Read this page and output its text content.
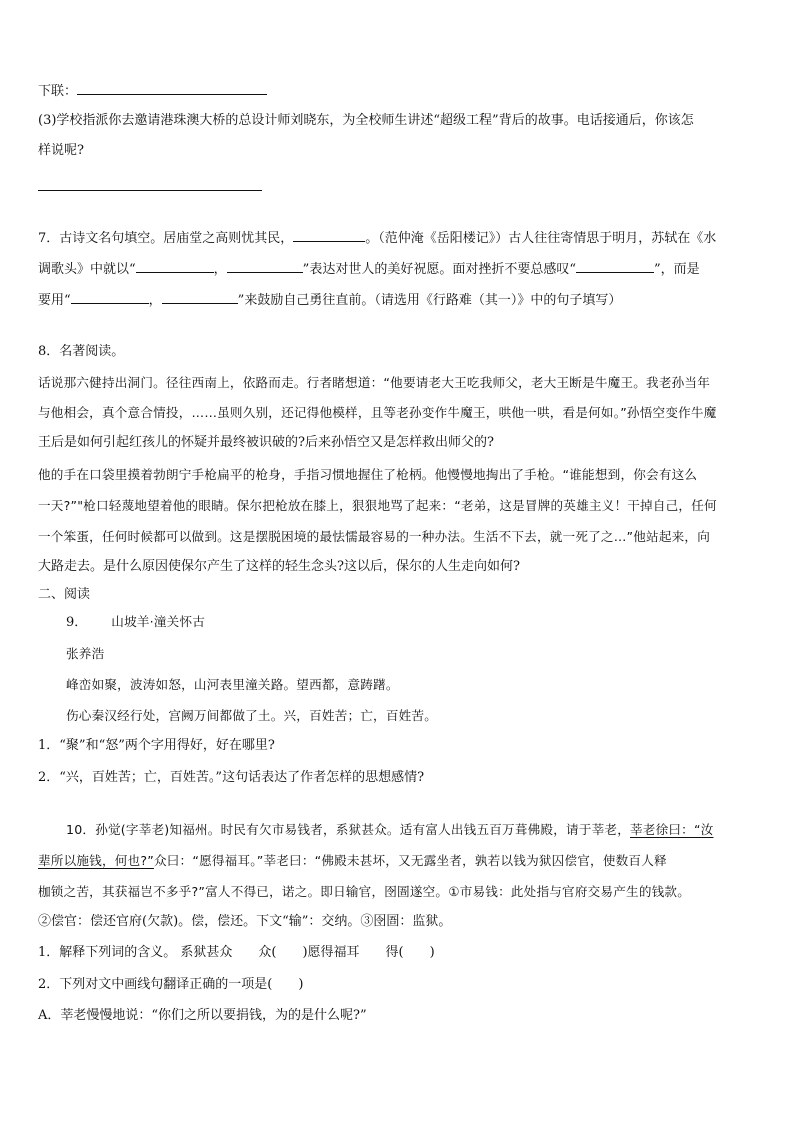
下联：
(3)学校指派你去邀请港珠澳大桥的总设计师刘晓东，为全校师生讲述“超级工程”背后的故事。电话接通后，你该怎
样说呢?
7．古诗文名句填空。居庙堂之高则忧其民，	。（范仲淹《岳阳楼记》）古人往往寄情思于明月，苏轼在《水
调歌头》中就以“	，	”表达对世人的美好祝愿。面对挫折不要总感叹“	”，而是
要用“	，	”来鼓励自己勇往直前。（请选用《行路难（其一）》中的句子填写）
8．名著阅读。
话说那六健持出洞门。径往西南上，依路而走。行者睹想道：“他要请老大王吃我师父，老大王断是牛魔王。我老孙当年
与他相会，真个意合情投，……虽则久别，还记得他模样，且等老孙变作牛魔王，哄他一哄，看是何如。”孙悟空变作牛魔
王后是如何引起红孩儿的怀疑并最终被识破的?后来孙悟空又是怎样救出师父的?
他的手在口袋里摸着勃朗宁手枪扁平的枪身，手指习惯地握住了枪柄。他慢慢地掏出了手枪。“谁能想到，你会有这么
一天?”"枪口轻蔑地望着他的眼睛。保尔把枪放在膝上，狠狠地骂了起来：“老弟，这是冒牌的英雄主义！干掉自己，任何
一个笨蛋，任何时候都可以做到。这是摆脱困境的最怯懦最容易的一种办法。生活不下去，就一死了之…”他站起来，向
大路走去。是什么原因使保尔产生了这样的轻生念头?这以后，保尔的人生走向如何?
二、阅读
9． 山坡羊·潼关怀古
张养浩
峰峦如聚，波涛如怒，山河表里潼关路。望西都，意踌躇。
伤心秦汉经行处，宫阙万间都做了土。兴，百姓苦；亡，百姓苦。
1．“聚”和“怒”两个字用得好，好在哪里?
2．“兴，百姓苦；亡，百姓苦。”这句话表达了作者怎样的思想感情?
10．孙觉(字莘老)知福州。时民有欠市易钱者，系狱甚众。适有富人出钱五百万葺佛殿，请于莘老，莘老徐曰：“汝
辈所以施钱，何也?”众曰：“愿得福耳。”莘老曰：“佛殿未甚坏，又无露坐者，孰若以钱为狱囚偿官，使数百人释
枷锁之苦，其获福岂不多乎?”富人不得已，诺之。即日输官，囹圄遂空。①市易钱：此处指与官府交易产生的钱款。
②偿官：偿还官府(欠款)。偿，偿还。下文“输”：交纳。③囹圄：监狱。
1．解释下列词的含义。 系狱甚众　　众(　　)愿得福耳　　得(　　)
2．下列对文中画线句翻译正确的一项是(　　)
A．莘老慢慢地说：“你们之所以要捐钱，为的是什么呢?”
